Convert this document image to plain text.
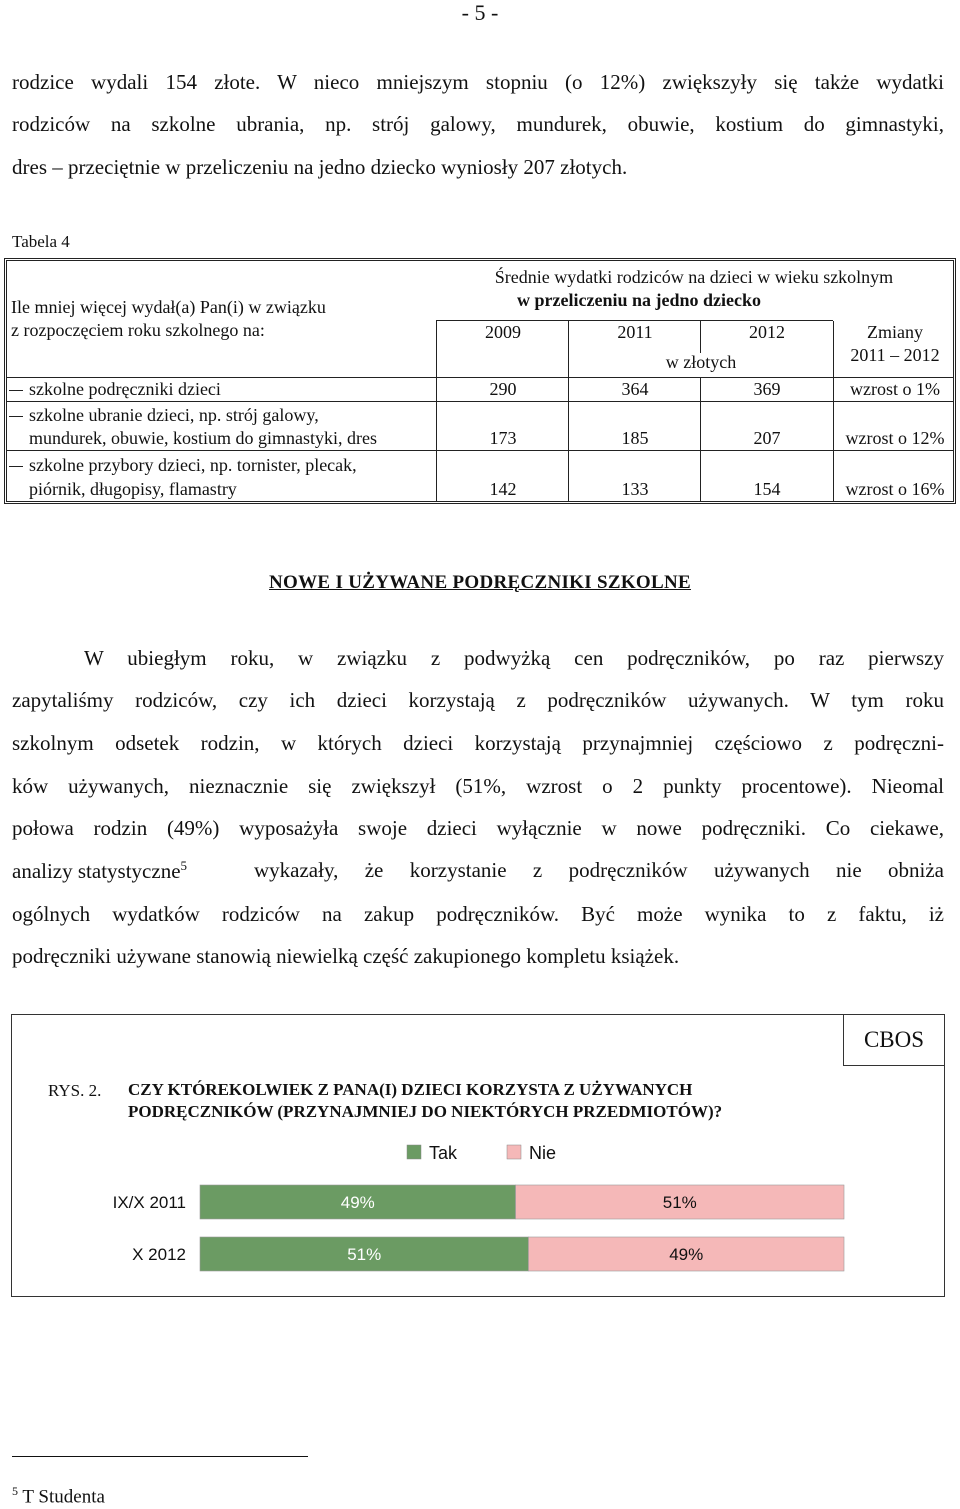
- 5 -
rodzice wydali 154 złote. W nieco mniejszym stopniu (o 12%) zwiększyły się także wydatki
rodziców na szkolne ubrania, np. strój galowy, mundurek, obuwie, kostium do gimnastyki,
dres – przeciętnie w przeliczeniu na jedno dziecko wyniosły 207 złotych.
Tabela 4
Ile mniej więcej wydał(a) Pan(i) w związku
z rozpoczęciem roku szkolnego na:
Średnie wydatki rodziców na dzieci w wieku szkolnym
w przeliczeniu na jedno dziecko
2009	2011	2012	Zmiany
2011 – 2012
w złotych
szkolne podręczniki dzieci	290	364	369	wzrost o 1%
szkolne ubranie dzieci, np. strój galowy,
mundurek, obuwie, kostium do gimnastyki, dres	173	185	207	wzrost o 12%
szkolne przybory dzieci, np. tornister, plecak,
piórnik, długopisy, flamastry	142	133	154	wzrost o 16%
NOWE I UŻYWANE PODRĘCZNIKI SZKOLNE
W ubiegłym roku, w związku z podwyżką cen podręczników, po raz pierwszy
zapytaliśmy rodziców, czy ich dzieci korzystają z podręczników używanych. W tym roku
szkolnym odsetek rodzin, w których dzieci korzystają przynajmniej częściowo z podręczni-
ków używanych, nieznacznie się zwiększył (51%, wzrost o 2 punkty procentowe). Nieomal
połowa rodzin (49%) wyposażyła swoje dzieci wyłącznie w nowe podręczniki. Co ciekawe,
analizy statystyczne$^5$	wykazały, że korzystanie z podręczników używanych nie obniża
ogólnych wydatków rodziców na zakup podręczników. Być może wynika to z faktu, iż
podręczniki używane stanowią niewielką część zakupionego kompletu książek.
CBOS
RYS. 2. CZY KTÓREKOLWIEK Z PANA(I) DZIECI KORZYSTA Z UŻYWANYCH
PODRĘCZNIKÓW (PRZYNAJMNIEJ DO NIEKTÓRYCH PRZEDMIOTÓW)?
Tak	Nie
IX/X 2011	49%	51%
X 2012	51%	49%
$^5$ T Studenta
